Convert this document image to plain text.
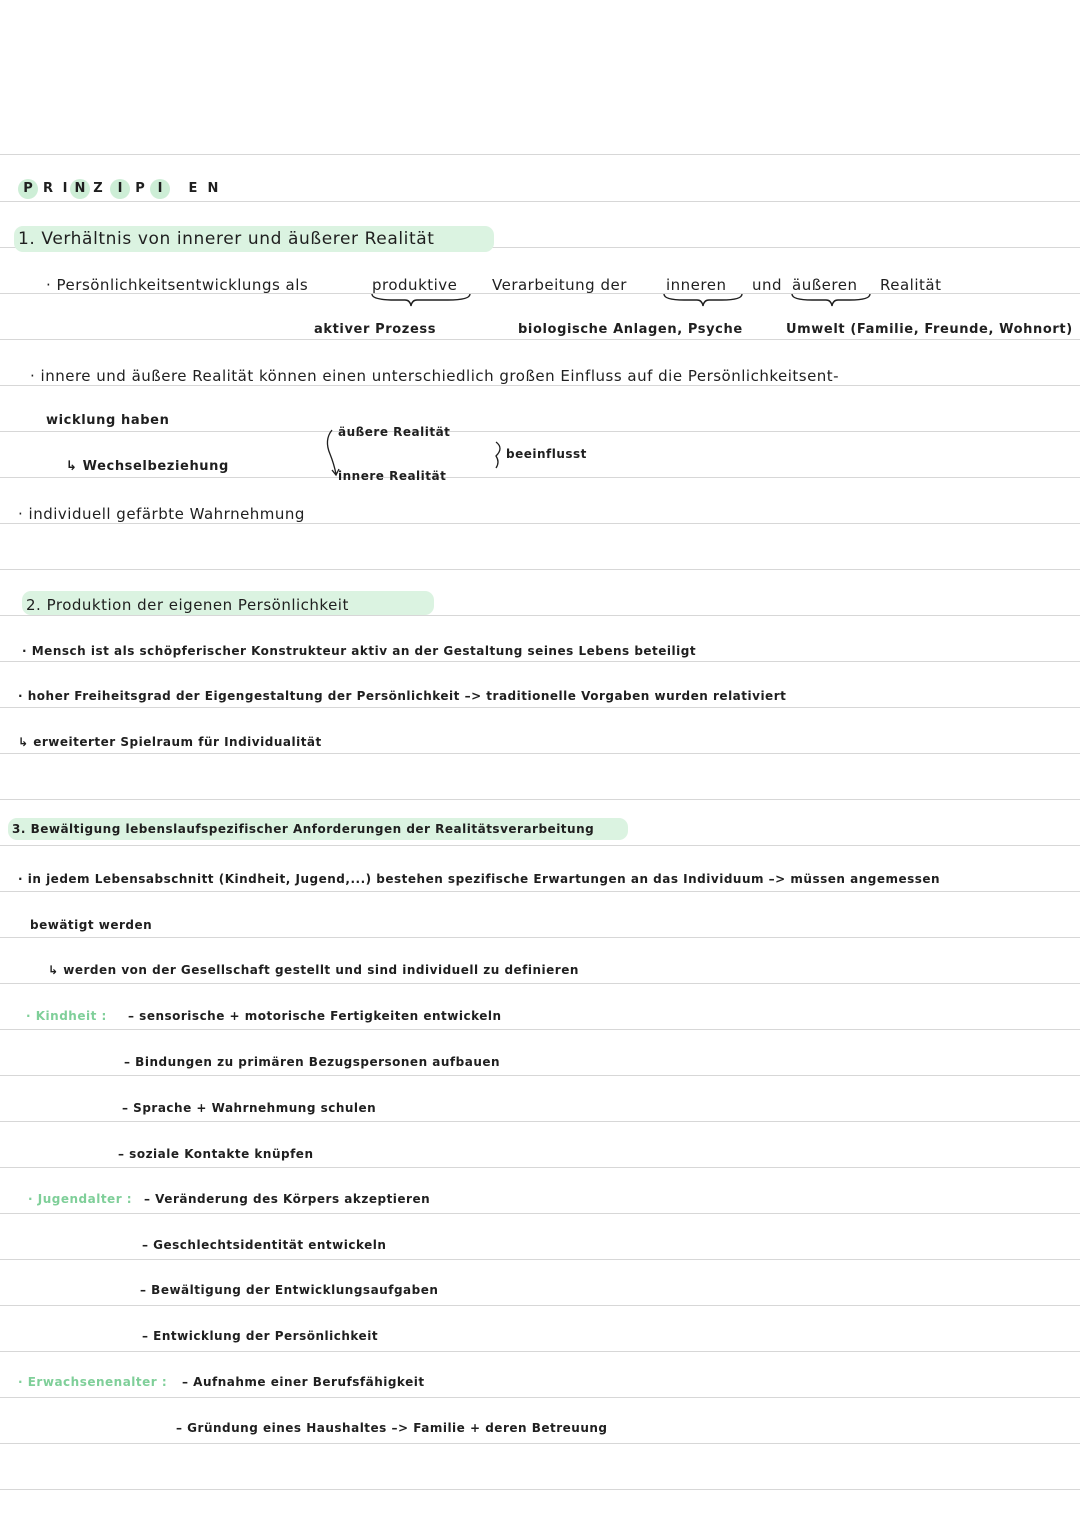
P R I N Z	I P I	E N
1. Verhältnis von innerer und äußerer Realität
· Persönlichkeitsentwicklungs als	produktive Verarbeitung der	inneren und äußeren Realität
aktiver Prozess	biologische Anlagen, Psyche	Umwelt (Familie, Freunde, Wohnort)
· innere und äußere Realität können einen unterschiedlich großen Einfluss auf die Persönlichkeitsent-
wicklung haben
↳ Wechselbeziehung
äußere Realität
innere Realität
beeinflusst
· individuell gefärbte Wahrnehmung
2. Produktion der eigenen Persönlichkeit
· Mensch ist als schöpferischer Konstrukteur aktiv an der Gestaltung seines Lebens beteiligt
· hoher Freiheitsgrad der Eigengestaltung der Persönlichkeit –> traditionelle Vorgaben wurden relativiert
↳ erweiterter Spielraum für Individualität
3. Bewältigung lebenslaufspezifischer Anforderungen der Realitätsverarbeitung
· in jedem Lebensabschnitt (Kindheit, Jugend,...) bestehen spezifische Erwartungen an das Individuum –> müssen angemessen
bewätigt werden
↳ werden von der Gesellschaft gestellt und sind individuell zu definieren
· Kindheit : – sensorische + motorische Fertigkeiten entwickeln
– Bindungen zu primären Bezugspersonen aufbauen
– Sprache + Wahrnehmung schulen
– soziale Kontakte knüpfen
· Jugendalter : – Veränderung des Körpers akzeptieren
– Geschlechtsidentität entwickeln
– Bewältigung der Entwicklungsaufgaben
– Entwicklung der Persönlichkeit
· Erwachsenenalter : – Aufnahme einer Berufsfähigkeit
– Gründung eines Haushaltes –> Familie + deren Betreuung
